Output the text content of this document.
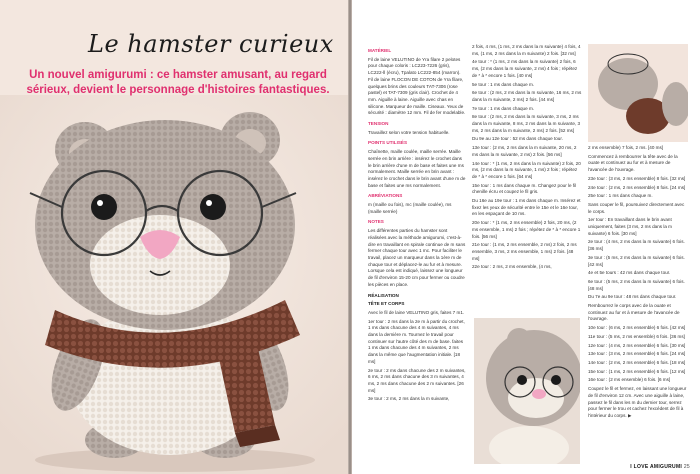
Le hamster curieux
Un nouvel amigurumi : ce hamster amusant, au regard sérieux, devient le personnage d'histoires fantastiques.

MATÉRIEL

Fil de laine VELUTINO de Yra filare 2 pelotes pour chaque coloris : LC223-7226 (gris), LC222-Ⅱ (écru), Tpalato LC222-854 (marron). Fil de laine FLOCON DE COTON de Yra filare, quelques brins des couleurs TAT-7306 (rose pastel) et TAT-7309 (gris clair). Crochet de 4 mm. Aiguille à laine. Aiguille avec chas en silicone. Marqueur de maille. Ciseaux. Yeux de sécurité : diamètre 12 mm. Fil de fer modelable.

TENSION

Travaillez selon votre tension habituelle.

POINTS UTILISÉS

Chaînette, maille coulée, maille serrée. Maille serrée en brin arrière : insérez le crochet dans le brin arrière d'une m de base et faites une ms normalement. Maille serrée en brin avant : insérez le crochet dans le brin avant d'une m de base et faites une ms normalement.

ABRÉVIATIONS

m (maille ou fois), mc (maille coulée), ms (maille serrée)

NOTES

Les différentes parties du hamster sont réalisées avec la méthode amigurumi, c'est-à-dire en travaillant en spirale continue de m sans fermer chaque tour avec 1 mc. Pour faciliter le travail, placez un marqueur dans la 1ère m de chaque tour et déplacez-le au fur et à mesure. Lorsque cela est indiqué, laissez une longueur de fil d'environ 15-20 cm pour fermer ou coudre les pièces en place.

RÉALISATION

TÊTE ET CORPS

Avec le fil de laine VELUTINO gris, faites 7 m1.

1er tour : 2 ms dans la 2e m à partir du crochet, 1 ms dans chacune des 4 m suivantes, 4 ms dans la dernière m. Tournez le travail pour continuer sur l'autre côté des m de base. faites 1 ms dans chacune des 4 m suivantes, 2 ms dans la même que l'augmentation initiale. [18 ms]

2e tour : 2 ms dans chacune des 2 m suivantes, 6 ms, 2 ms dans chacune des 3 m suivantes, 4 ms, 2 ms dans chacune des 2 m suivantes. [26 ms]

3e tour : 2 ms, 2 ms dans la m suivante,

2 fois, 4 ms, (1 ms, 2 ms dans la m suivante) 4 fois, 4 ms, (1 ms, 2 ms dans la m suivante) 2 fois. [32 ms]

4e tour : * (1 ms, 2 ms dans la m suivante) 2 fois, 6 ms, (2 ms dans la m suivante, 2 ms) 4 fois ; répétez de * à * encore 1 fois. [40 ms]

5e tour : 1 ms dans chaque m.

6e tour : (2 ms, 2 ms dans la m suivante, 16 ms, 2 ms dans la m suivante, 2 ms) 2 fois. [44 ms]

7e tour : 1 ms dans chaque m.

8e tour : (2 ms, 2 ms dans la m suivante, 3 ms, 2 ms dans la m suivante, 8 ms, 2 ms dans la m suivante, 3 ms, 2 ms dans la m suivante, 2 ms) 2 fois. [52 ms]

Du 9e au 12e tour : 52 ms dans chaque tour.

13e tour : (2 ms, 2 ms dans la m suivante, 20 ms, 2 ms dans la m suivante, 2 ms) 2 fois. [56 ms]

14e tour : * (1 ms, 2 ms dans la m suivante) 2 fois, 20 ms, (2 ms dans la m suivante, 1 ms) 2 fois ; répétez de * à * encore 1 fois. [64 ms]

15e tour : 1 ms dans chaque m. Changez pour le fil chenille écru et coupez le fil gris.

Du 16e au 19e tour : 1 ms dans chaque m. Insérez et fixez les yeux de sécurité entre le 15e et le 16e tour, en les espaçant de 10 ms.

20e tour : * (1 ms, 2 ms ensemble) 2 fois, 20 ms, (2 ms ensemble, 1 ms) 2 fois ; répétez de * à * encore 1 fois. [56 ms]

21e tour : (1 ms, 2 ms ensemble, 2 ms) 2 fois, 2 ms ensemble, 3 ms, 2 ms ensemble, 1 ms) 2 fois. [48 ms]

22e tour : 2 ms, 2 ms ensemble, (4 ms,

2 ms ensemble) 7 fois, 2 ms. [40 ms]

Commencez à rembourrer la tête avec de la ouate et continuez au fur et à mesure de l'avancée de l'ouvrage.

23e tour : (3 ms, 2 ms ensemble) 8 fois. [32 ms]

24e tour : (2 ms, 2 ms ensemble) 8 fois. [24 ms]

25e tour : 1 ms dans chaque m.

Sans couper le fil, poursuivez directement avec le corps.

1er tour : En travaillant dans le brin avant uniquement, faites (3 ms, 2 ms dans la m suivante) 6 fois. [30 ms]

2e tour : (4 ms, 2 ms dans la m suivante) 6 fois. [36 ms]

3e tour : (5 ms, 2 ms dans la m suivante) 6 fois. [42 ms]

4e et 5e tours : 42 ms dans chaque tour.

6e tour : (5 ms, 2 ms dans la m suivante) 6 fois. [48 ms]

Du 7e au 9e tour : 48 ms dans chaque tour.

Rembourrez le corps avec de la ouate et continuez au fur et à mesure de l'avancée de l'ouvrage.

10e tour : (6 ms, 2 ms ensemble) 6 fois. [42 ms]

11e tour : (5 ms, 2 ms ensemble) 6 fois. [36 ms]

12e tour : (4 ms, 2 ms ensemble) 6 fois. [30 ms]

13e tour : (3 ms, 2 ms ensemble) 6 fois. [24 ms]

14e tour : (2 ms, 2 ms ensemble) 6 fois. [18 ms]

15e tour : (1 ms, 2 ms ensemble) 6 fois. [12 ms]

16e tour : (2 ms ensemble) 6 fois. [6 ms]

Coupez le fil et fermez, en laissant une longueur de fil d'environ 12 cm. Avec une aiguille à laine, passez le fil dans les m du dernier tour, serrez pour fermer le trou et cachez l'excédent de fil à l'intérieur du corps. ▶

I LOVE AMIGURUMI 25
